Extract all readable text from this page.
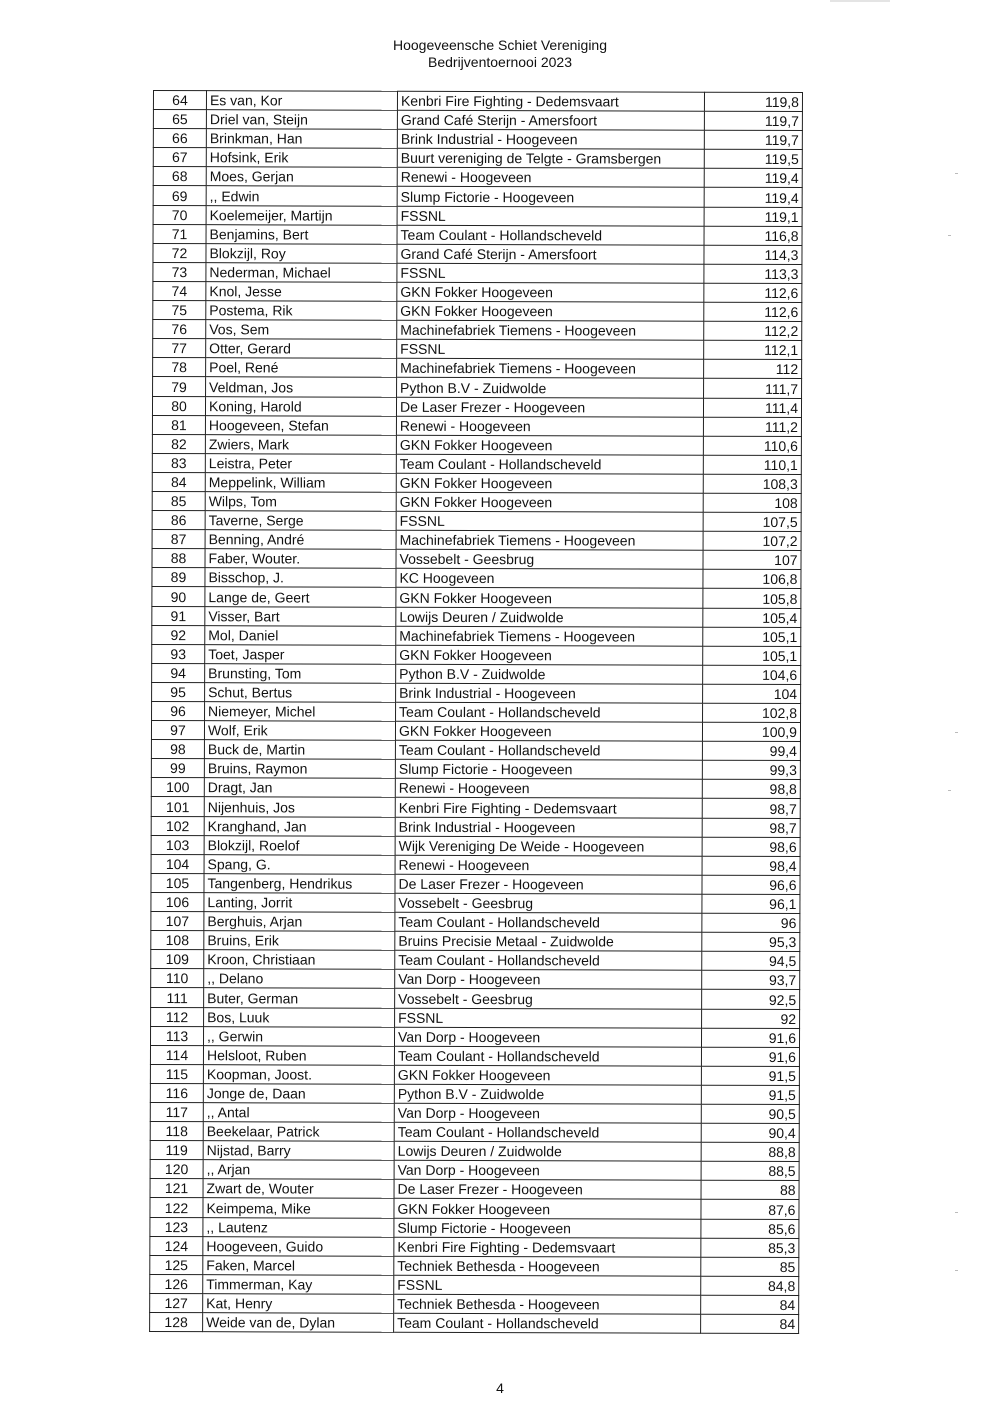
Hoogeveensche Schiet Vereniging
Bedrijventoernooi 2023
64	Es van, Kor	Kenbri Fire Fighting - Dedemsvaart	119,8
65	Driel van, Steijn	Grand Café Sterijn - Amersfoort	119,7
66	Brinkman, Han	Brink Industrial - Hoogeveen	119,7
67	Hofsink, Erik	Buurt vereniging de Telgte - Gramsbergen	119,5
68	Moes, Gerjan	Renewi - Hoogeveen	119,4
69	,, Edwin	Slump Fictorie - Hoogeveen	119,4
70	Koelemeijer, Martijn	FSSNL	119,1
71	Benjamins, Bert	Team Coulant - Hollandscheveld	116,8
72	Blokzijl, Roy	Grand Café Sterijn - Amersfoort	114,3
73	Nederman, Michael	FSSNL	113,3
74	Knol, Jesse	GKN Fokker Hoogeveen	112,6
75	Postema, Rik	GKN Fokker Hoogeveen	112,6
76	Vos, Sem	Machinefabriek Tiemens - Hoogeveen	112,2
77	Otter, Gerard	FSSNL	112,1
78	Poel, René	Machinefabriek Tiemens - Hoogeveen	112
79	Veldman, Jos	Python B.V - Zuidwolde	111,7
80	Koning, Harold	De Laser Frezer - Hoogeveen	111,4
81	Hoogeveen, Stefan	Renewi - Hoogeveen	111,2
82	Zwiers, Mark	GKN Fokker Hoogeveen	110,6
83	Leistra, Peter	Team Coulant - Hollandscheveld	110,1
84	Meppelink, William	GKN Fokker Hoogeveen	108,3
85	Wilps, Tom	GKN Fokker Hoogeveen	108
86	Taverne, Serge	FSSNL	107,5
87	Benning, André	Machinefabriek Tiemens - Hoogeveen	107,2
88	Faber, Wouter.	Vossebelt - Geesbrug	107
89	Bisschop, J.	KC Hoogeveen	106,8
90	Lange de, Geert	GKN Fokker Hoogeveen	105,8
91	Visser, Bart	Lowijs Deuren / Zuidwolde	105,4
92	Mol, Daniel	Machinefabriek Tiemens - Hoogeveen	105,1
93	Toet, Jasper	GKN Fokker Hoogeveen	105,1
94	Brunsting, Tom	Python B.V - Zuidwolde	104,6
95	Schut, Bertus	Brink Industrial - Hoogeveen	104
96	Niemeyer, Michel	Team Coulant - Hollandscheveld	102,8
97	Wolf, Erik	GKN Fokker Hoogeveen	100,9
98	Buck de, Martin	Team Coulant - Hollandscheveld	99,4
99	Bruins, Raymon	Slump Fictorie - Hoogeveen	99,3
100	Dragt, Jan	Renewi - Hoogeveen	98,8
101	Nijenhuis, Jos	Kenbri Fire Fighting - Dedemsvaart	98,7
102	Kranghand, Jan	Brink Industrial - Hoogeveen	98,7
103	Blokzijl, Roelof	Wijk Vereniging De Weide - Hoogeveen	98,6
104	Spang, G.	Renewi - Hoogeveen	98,4
105	Tangenberg, Hendrikus	De Laser Frezer - Hoogeveen	96,6
106	Lanting, Jorrit	Vossebelt - Geesbrug	96,1
107	Berghuis, Arjan	Team Coulant - Hollandscheveld	96
108	Bruins, Erik	Bruins Precisie Metaal - Zuidwolde	95,3
109	Kroon, Christiaan	Team Coulant - Hollandscheveld	94,5
110	,, Delano	Van Dorp - Hoogeveen	93,7
111	Buter, German	Vossebelt - Geesbrug	92,5
112	Bos, Luuk	FSSNL	92
113	,, Gerwin	Van Dorp - Hoogeveen	91,6
114	Helsloot, Ruben	Team Coulant - Hollandscheveld	91,6
115	Koopman, Joost.	GKN Fokker Hoogeveen	91,5
116	Jonge de, Daan	Python B.V - Zuidwolde	91,5
117	,, Antal	Van Dorp - Hoogeveen	90,5
118	Beekelaar, Patrick	Team Coulant - Hollandscheveld	90,4
119	Nijstad, Barry	Lowijs Deuren / Zuidwolde	88,8
120	,, Arjan	Van Dorp - Hoogeveen	88,5
121	Zwart de, Wouter	De Laser Frezer - Hoogeveen	88
122	Keimpema, Mike	GKN Fokker Hoogeveen	87,6
123	,, Lautenz	Slump Fictorie - Hoogeveen	85,6
124	Hoogeveen, Guido	Kenbri Fire Fighting - Dedemsvaart	85,3
125	Faken, Marcel	Techniek Bethesda - Hoogeveen	85
126	Timmerman, Kay	FSSNL	84,8
127	Kat, Henry	Techniek Bethesda - Hoogeveen	84
128	Weide van de, Dylan	Team Coulant - Hollandscheveld	84
4
